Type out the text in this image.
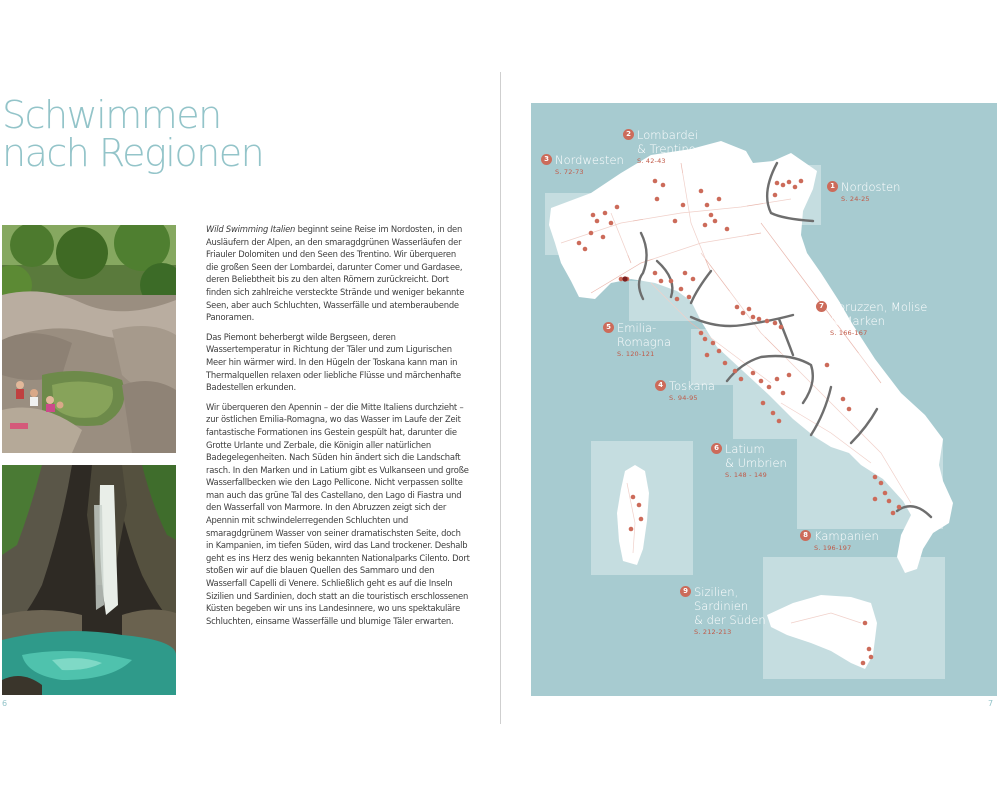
Schwimmen
nach Regionen

Wild Swimming Italien beginnt seine Reise im Nordosten, in den Ausläufern der Alpen, an den smaragdgrünen Wasserläufen der Friauler Dolomiten und den Seen des Trentino. Wir überqueren die großen Seen der Lombardei, darunter Comer und Gardasee, deren Beliebtheit bis zu den alten Römern zurückreicht. Dort finden sich zahlreiche versteckte Strände und weniger bekannte Seen, aber auch Schluchten, Wasserfälle und atemberaubende Panoramen.

Das Piemont beherbergt wilde Bergseen, deren Wassertemperatur in Richtung der Täler und zum Ligurischen Meer hin wärmer wird. In den Hügeln der Toskana kann man in Thermalquellen relaxen oder liebliche Flüsse und märchenhafte Badestellen erkunden.

Wir überqueren den Apennin – der die Mitte Italiens durchzieht – zur östlichen Emilia-Romagna, wo das Wasser im Laufe der Zeit fantastische Formationen ins Gestein gespült hat, darunter die Grotte Urlante und Zerbale, die Königin aller natürlichen Badegelegenheiten. Nach Süden hin ändert sich die Landschaft rasch. In den Marken und in Latium gibt es Vulkanseen und große Wasserfallbecken wie den Lago Pellicone. Nicht verpassen sollte man auch das grüne Tal des Castellano, den Lago di Fiastra und den Wasserfall von Marmore. In den Abruzzen zeigt sich der Apennin mit schwindelerregenden Schluchten und smaragdgrünem Wasser von seiner dramatischsten Seite, doch in Kampanien, im tiefen Süden, wird das Land trockener. Deshalb geht es ins Herz des wenig bekannten Nationalparks Cilento. Dort stoßen wir auf die blauen Quellen des Sammaro und den Wasserfall Capelli di Venere. Schließlich geht es auf die Inseln Sizilien und Sardinien, doch statt an die touristisch erschlossenen Küsten begeben wir uns ins Landesinnere, wo uns spektakuläre Schluchten, einsame Wasserfälle und blumige Täler erwarten.

1 Nordosten
S. 24-25
2 Lombardei
& Trentino
S. 42-43
3 Nordwesten
S. 72-73
4 Toskana
S. 94-95
5 Emilia-
Romagna
S. 120-121
6 Latium
& Umbrien
S. 148 - 149
7 Abruzzen, Molise
& Marken
S. 166-167
8 Kampanien
S. 196-197
9 Sizilien,
Sardinien
& der Süden
S. 212-213
6	7
